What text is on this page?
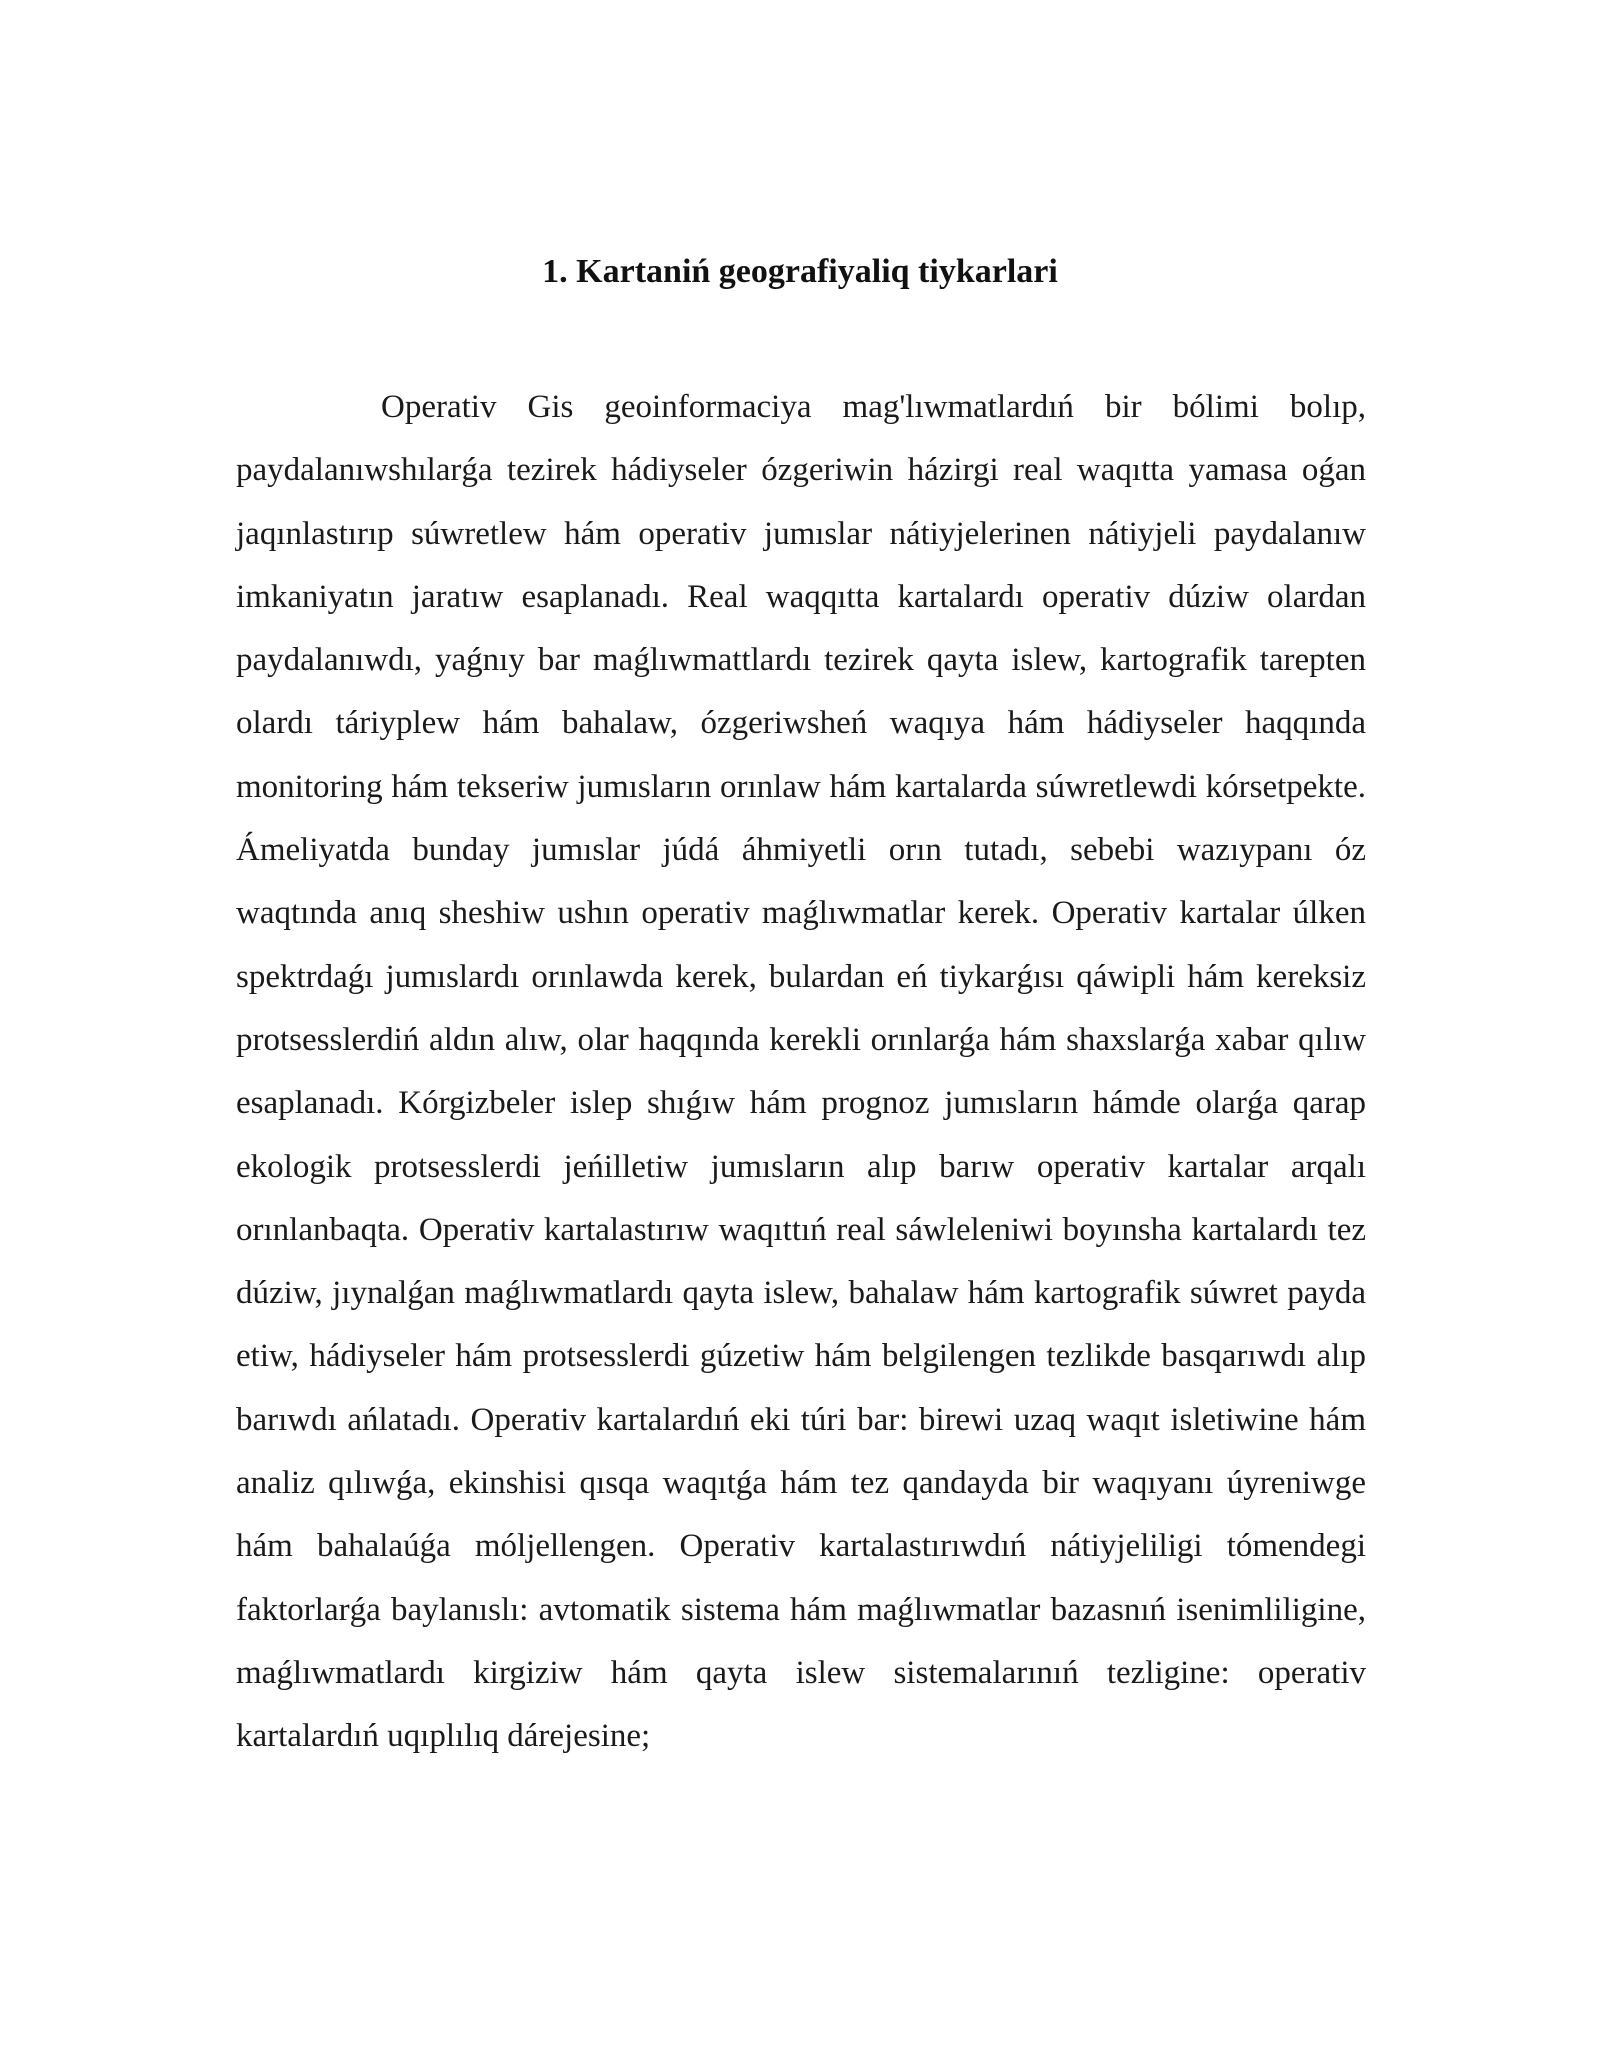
1. Kartaniń geografiyaliq tiykarlari

Operativ Gis geoinformaciya mag'lıwmatlardıń bir bólimi bolıp, paydalanıwshılarǵa tezirek hádiyseler ózgeriwin házirgi real waqıtta yamasa oǵan jaqınlastırıp súwretlew hám operativ jumıslar nátiyjelerinen nátiyjeli paydalanıw imkaniyatın jaratıw esaplanadı. Real waqqıtta kartalardı operativ dúziw olardan paydalanıwdı, yaǵnıy bar maǵlıwmattlardı tezirek qayta islew, kartografik tarepten olardı táriyplew hám bahalaw, ózgeriwsheń waqıya hám hádiyseler haqqında monitoring hám tekseriw jumısların orınlaw hám kartalarda súwretlewdi kórsetpekte. Ámeliyatda bunday jumıslar júdá áhmiyetli orın tutadı, sebebi wazıypanı óz waqtında anıq sheshiw ushın operativ maǵlıwmatlar kerek. Operativ kartalar úlken spektrdaǵı jumıslardı orınlawda kerek, bulardan eń tiykarǵısı qáwipli hám kereksiz protsesslerdiń aldın alıw, olar haqqında kerekli orınlarǵa hám shaxslarǵa xabar qılıw esaplanadı. Kórgizbeler islep shıǵıw hám prognoz jumısların hámde olarǵa qarap ekologik protsesslerdi jeńilletiw jumısların alıp barıw operativ kartalar arqalı orınlanbaqta. Operativ kartalastırıw waqıttıń real sáwleleniwi boyınsha kartalardı tez dúziw, jıynalǵan maǵlıwmatlardı qayta islew, bahalaw hám kartografik súwret payda etiw, hádiyseler hám protsesslerdi gúzetiw hám belgilengen tezlikde basqarıwdı alıp barıwdı ańlatadı. Operativ kartalardıń eki túri bar: birewi uzaq waqıt isletiwine hám analiz qılıwǵa, ekinshisi qısqa waqıtǵa hám tez qandayda bir waqıyanı úyreniwge hám bahalaúǵa móljellengen. Operativ kartalastırıwdıń nátiyjeliligi tómendegi faktorlarǵa baylanıslı: avtomatik sistema hám maǵlıwmatlar bazasnıń isenimliligine, maǵlıwmatlardı kirgiziw hám qayta islew sistemalarınıń tezligine: operativ kartalardıń uqıplılıq dárejesine;
